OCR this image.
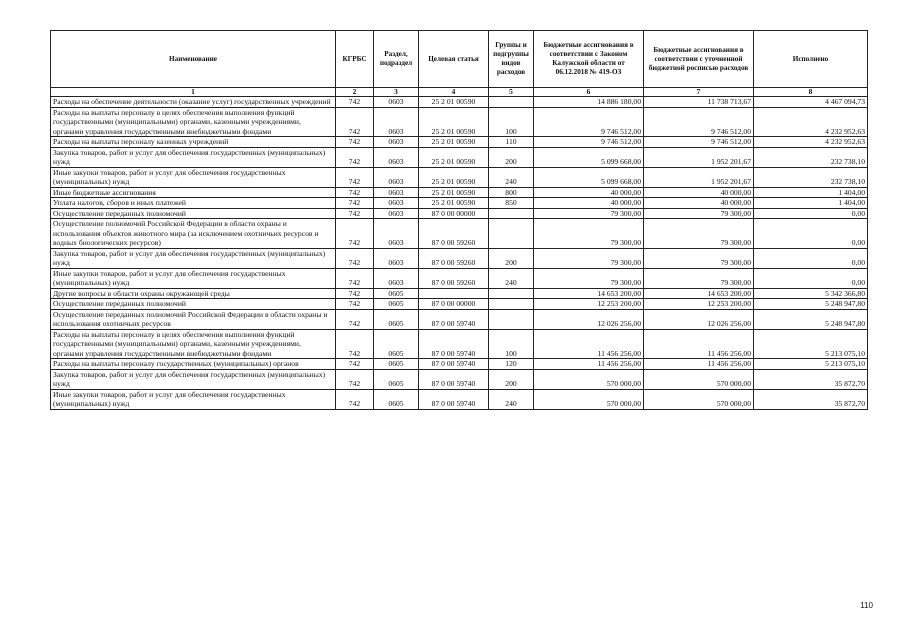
Наименование	КГРБС	Раздел, подраздел	Целевая статья	Группы и подгруппы видов расходов	Бюджетные ассигнования в соответствии с Законом Калужской области от 06.12.2018 № 419-ОЗ	Бюджетные ассигнования в соответствии с уточненной бюджетной росписью расходов	Исполнено
1	2	3	4	5	6	7	8
Расходы на обеспечение деятельности (оказание услуг) государственных учреждений	742	0603	25 2 01 00590		14 886 180,00	11 738 713,67	4 467 094,73
Расходы на выплаты персоналу в целях обеспечения выполнения функций государственными (муниципальными) органами, казенными учреждениями, органами управления государственными внебюджетными фондами	742	0603	25 2 01 00590	100	9 746 512,00	9 746 512,00	4 232 952,63
Расходы на выплаты персоналу казенных учреждений	742	0603	25 2 01 00590	110	9 746 512,00	9 746 512,00	4 232 952,63
Закупка товаров, работ и услуг для обеспечения государственных (муниципальных) нужд	742	0603	25 2 01 00590	200	5 099 668,00	1 952 201,67	232 738,10
Иные закупки товаров, работ и услуг для обеспечения государственных (муниципальных) нужд	742	0603	25 2 01 00590	240	5 099 668,00	1 952 201,67	232 738,10
Иные бюджетные ассигнования	742	0603	25 2 01 00590	800	40 000,00	40 000,00	1 404,00
Уплата налогов, сборов и иных платежей	742	0603	25 2 01 00590	850	40 000,00	40 000,00	1 404,00
Осуществление переданных полномочий	742	0603	87 0 00 00000		79 300,00	79 300,00	0,00
Осуществление полномочий Российской Федерации в области охраны и использования объектов животного мира (за исключением охотничьих ресурсов и водных биологических ресурсов)	742	0603	87 0 00 59260		79 300,00	79 300,00	0,00
Закупка товаров, работ и услуг для обеспечения государственных (муниципальных) нужд	742	0603	87 0 00 59260	200	79 300,00	79 300,00	0,00
Иные закупки товаров, работ и услуг для обеспечения государственных (муниципальных) нужд	742	0603	87 0 00 59260	240	79 300,00	79 300,00	0,00
Другие вопросы в области охраны окружающей среды	742	0605			14 653 200,00	14 653 200,00	5 342 366,80
Осуществление переданных полномочий	742	0605	87 0 00 00000		12 253 200,00	12 253 200,00	5 248 947,80
Осуществление переданных полномочий Российской Федерации в области охраны и использования охотничьих ресурсов	742	0605	87 0 00 59740		12 026 256,00	12 026 256,00	5 248 947,80
Расходы на выплаты персоналу в целях обеспечения выполнения функций государственными (муниципальными) органами, казенными учреждениями, органами управления государственными внебюджетными фондами	742	0605	87 0 00 59740	100	11 456 256,00	11 456 256,00	5 213 075,10
Расходы на выплаты персоналу государственных (муниципальных) органов	742	0605	87 0 00 59740	120	11 456 256,00	11 456 256,00	5 213 075,10
Закупка товаров, работ и услуг для обеспечения государственных (муниципальных) нужд	742	0605	87 0 00 59740	200	570 000,00	570 000,00	35 872,70
Иные закупки товаров, работ и услуг для обеспечения государственных (муниципальных) нужд	742	0605	87 0 00 59740	240	570 000,00	570 000,00	35 872,70
110
